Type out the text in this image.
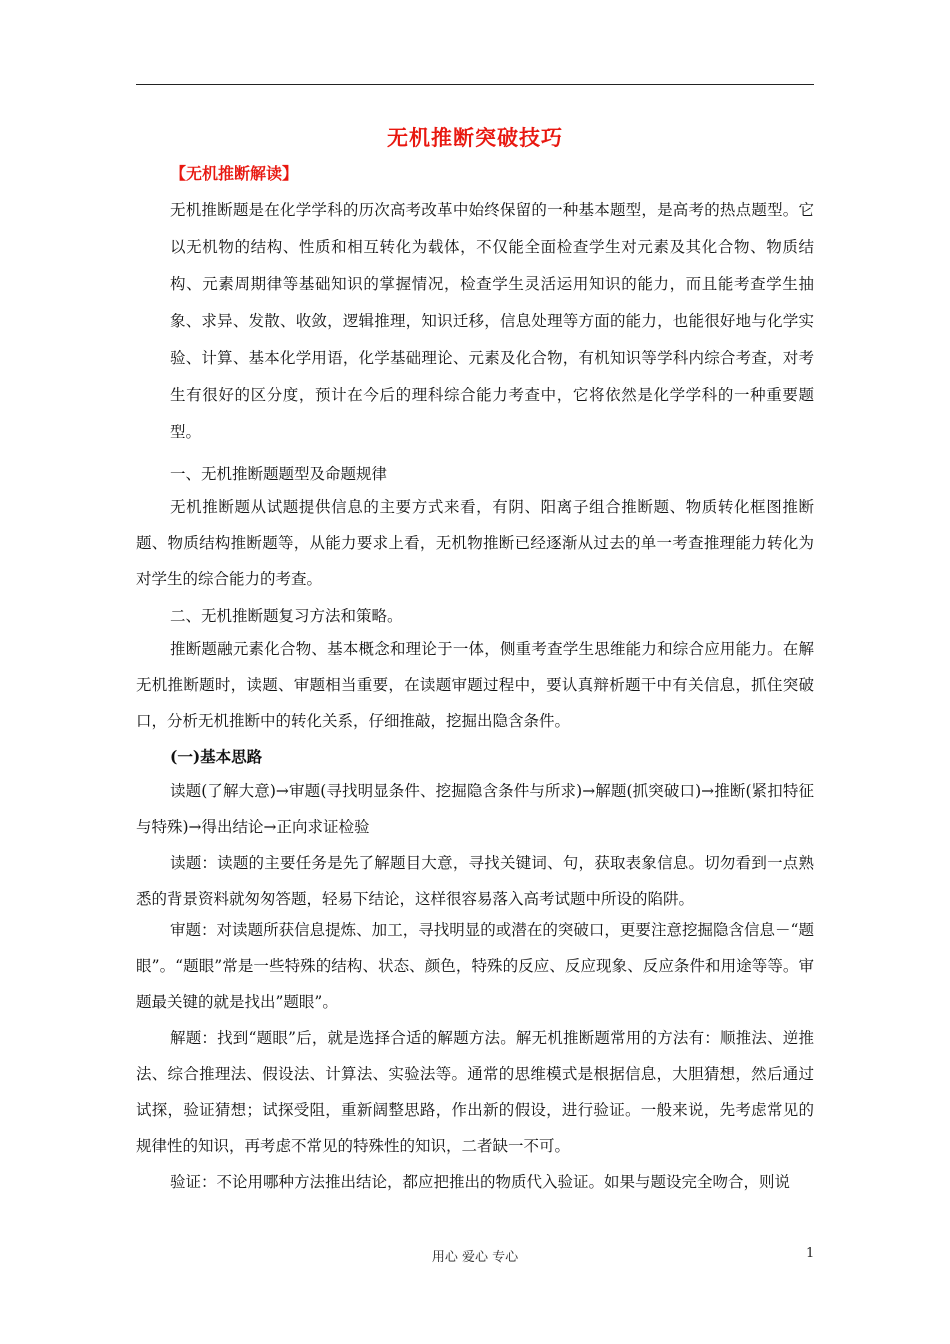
无机推断突破技巧
【无机推断解读】
无机推断题是在化学学科的历次高考改革中始终保留的一种基本题型，是高考的热点题型。它以无机物的结构、性质和相互转化为载体，不仅能全面检查学生对元素及其化合物、物质结构、元素周期律等基础知识的掌握情况，检查学生灵活运用知识的能力，而且能考查学生抽象、求异、发散、收敛，逻辑推理，知识迁移，信息处理等方面的能力，也能很好地与化学实验、计算、基本化学用语，化学基础理论、元素及化合物，有机知识等学科内综合考查，对考生有很好的区分度，预计在今后的理科综合能力考查中，它将依然是化学学科的一种重要题型。
一、无机推断题题型及命题规律

无机推断题从试题提供信息的主要方式来看，有阴、阳离子组合推断题、物质转化框图推断题、物质结构推断题等，从能力要求上看，无机物推断已经逐渐从过去的单一考查推理能力转化为对学生的综合能力的考查。

二、无机推断题复习方法和策略。

推断题融元素化合物、基本概念和理论于一体，侧重考查学生思维能力和综合应用能力。在解无机推断题时，读题、审题相当重要，在读题审题过程中，要认真辩析题干中有关信息，抓住突破口，分析无机推断中的转化关系，仔细推敲，挖掘出隐含条件。

(一)基本思路

读题(了解大意)→审题(寻找明显条件、挖掘隐含条件与所求)→解题(抓突破口)→推断(紧扣特征与特殊)→得出结论→正向求证检验

读题：读题的主要任务是先了解题目大意，寻找关键词、句，获取表象信息。切勿看到一点熟悉的背景资料就匆匆答题，轻易下结论，这样很容易落入高考试题中所设的陷阱。

审题：对读题所获信息提炼、加工，寻找明显的或潜在的突破口，更要注意挖掘隐含信息－“题眼”。“题眼”常是一些特殊的结构、状态、颜色，特殊的反应、反应现象、反应条件和用途等等。审题最关键的就是找出”题眼”。

解题：找到“题眼”后，就是选择合适的解题方法。解无机推断题常用的方法有：顺推法、逆推法、综合推理法、假设法、计算法、实验法等。通常的思维模式是根据信息，大胆猜想，然后通过试探，验证猜想；试探受阻，重新阔整思路，作出新的假设，进行验证。一般来说，先考虑常见的规律性的知识，再考虑不常见的特殊性的知识，二者缺一不可。

验证：不论用哪种方法推出结论，都应把推出的物质代入验证。如果与题设完全吻合，则说

用心 爱心 专心	1
